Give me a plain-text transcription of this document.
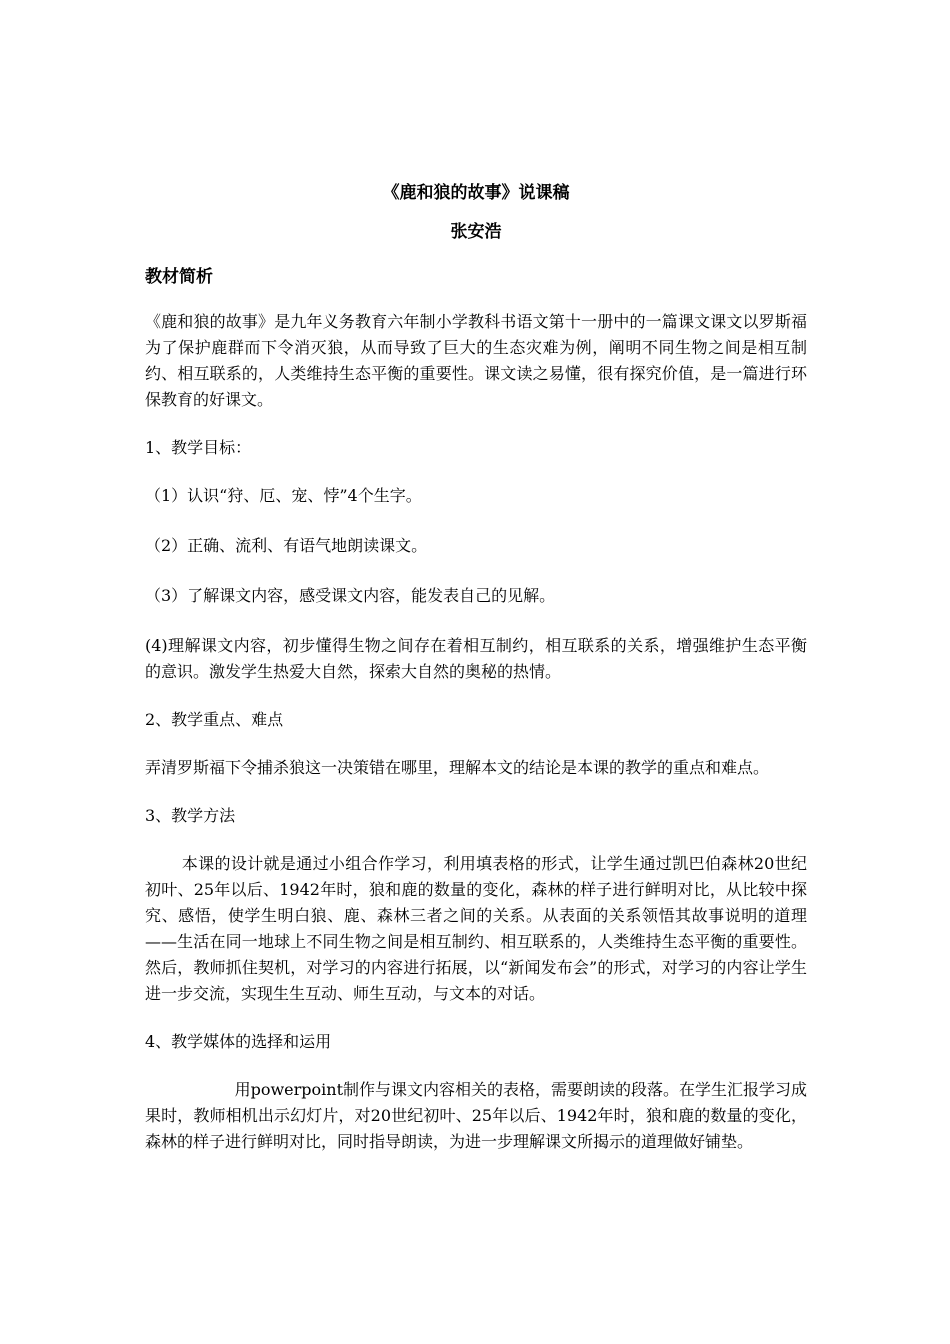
《鹿和狼的故事》说课稿
张安浩
教材简析
《鹿和狼的故事》是九年义务教育六年制小学教科书语文第十一册中的一篇课文课文以罗斯福为了保护鹿群而下令消灭狼，从而导致了巨大的生态灾难为例，阐明不同生物之间是相互制约、相互联系的，人类维持生态平衡的重要性。课文读之易懂，很有探究价值，是一篇进行环保教育的好课文。
1、教学目标：
（1）认识“狩、厄、宠、悖”4个生字。
（2）正确、流利、有语气地朗读课文。
（3）了解课文内容，感受课文内容，能发表自己的见解。
(4)理解课文内容，初步懂得生物之间存在着相互制约，相互联系的关系，增强维护生态平衡的意识。激发学生热爱大自然，探索大自然的奥秘的热情。
2、教学重点、难点
弄清罗斯福下令捕杀狼这一决策错在哪里，理解本文的结论是本课的教学的重点和难点。
3、教学方法
本课的设计就是通过小组合作学习，利用填表格的形式，让学生通过凯巴伯森林20世纪初叶、25年以后、1942年时，狼和鹿的数量的变化，森林的样子进行鲜明对比，从比较中探究、感悟，使学生明白狼、鹿、森林三者之间的关系。从表面的关系领悟其故事说明的道理——生活在同一地球上不同生物之间是相互制约、相互联系的，人类维持生态平衡的重要性。然后，教师抓住契机，对学习的内容进行拓展，以“新闻发布会”的形式，对学习的内容让学生进一步交流，实现生生互动、师生互动，与文本的对话。
4、教学媒体的选择和运用
用powerpoint制作与课文内容相关的表格，需要朗读的段落。在学生汇报学习成果时，教师相机出示幻灯片，对20世纪初叶、25年以后、1942年时，狼和鹿的数量的变化，森林的样子进行鲜明对比，同时指导朗读，为进一步理解课文所揭示的道理做好铺垫。
